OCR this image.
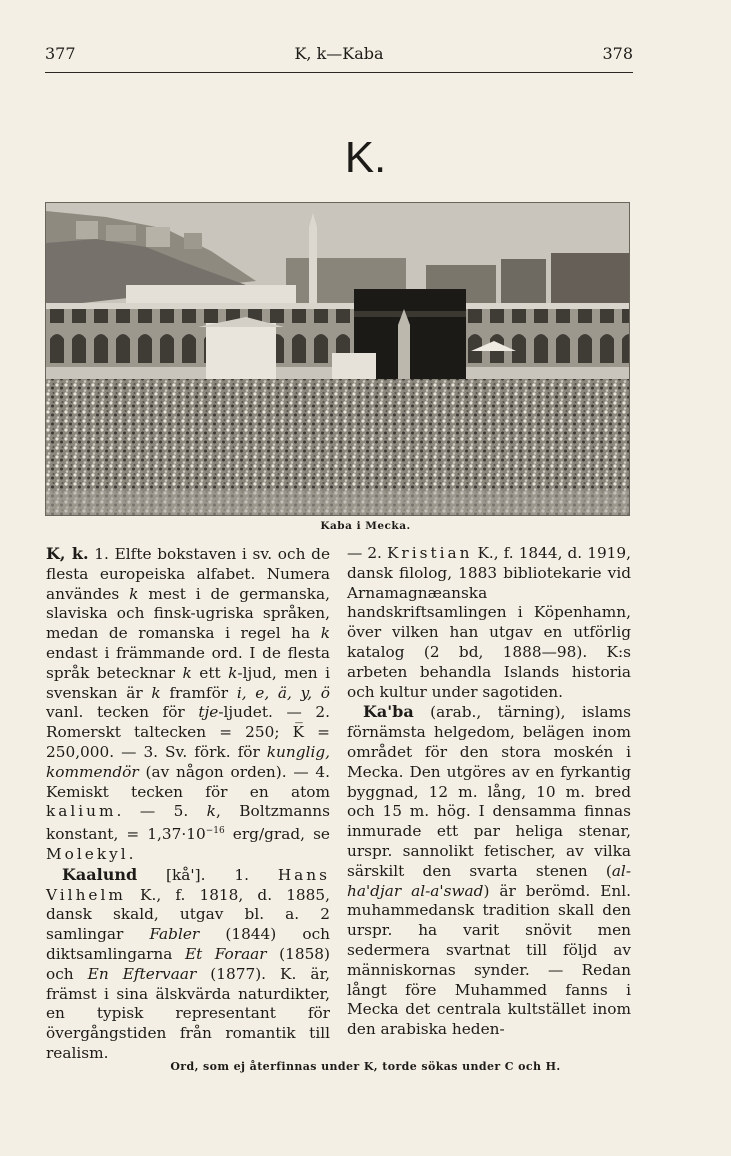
377	K, k—Kaba	378
K.
Kaba i Mecka.

K, k. 1. Elfte bokstaven i sv. och de flesta europeiska alfabet. Numera användes k mest i de germanska, slaviska och finsk-ugriska språken, medan de romanska i regel ha k endast i främmande ord. I de flesta språk betecknar k ett k-ljud, men i svenskan är k framför i, e, ä, y, ö vanl. tecken för tje-ljudet. — 2. Romerskt taltecken = 250; K̅ = 250,000. — 3. Sv. förk. för kunglig, kommendör (av någon orden). — 4. Kemiskt tecken för en atom kalium. — 5. k, Boltzmanns konstant, = $1,37\cdot 10^{-16}$ erg/grad, se Molekyl.

Kaalund [kå']. 1. Hans Vilhelm K., f. 1818, d. 1885, dansk skald, utgav bl. a. 2 samlingar Fabler (1844) och diktsamlingarna Et Foraar (1858) och En Eftervaar (1877). K. är, främst i sina älskvärda naturdikter, en typisk representant för övergångstiden från romantik till realism.

— 2. Kristian K., f. 1844, d. 1919, dansk filolog, 1883 bibliotekarie vid Arnamagnæanska handskriftsamlingen i Köpenhamn, över vilken han utgav en utförlig katalog (2 bd, 1888—98). K:s arbeten behandla Islands historia och kultur under sagotiden.

Ka'ba (arab., tärning), islams förnämsta helgedom, belägen inom området för den stora moskén i Mecka. Den utgöres av en fyrkantig byggnad, 12 m. lång, 10 m. bred och 15 m. hög. I densamma finnas inmurade ett par heliga stenar, urspr. sannolikt fetischer, av vilka särskilt den svarta stenen (al-ha'djar al-a'swad) är berömd. Enl. muhammedansk tradition skall den urspr. ha varit snövit men sedermera svartnat till följd av människornas synder. — Redan långt före Muhammed fanns i Mecka det centrala kultstället inom den arabiska heden-

Ord, som ej återfinnas under K, torde sökas under C och H.
